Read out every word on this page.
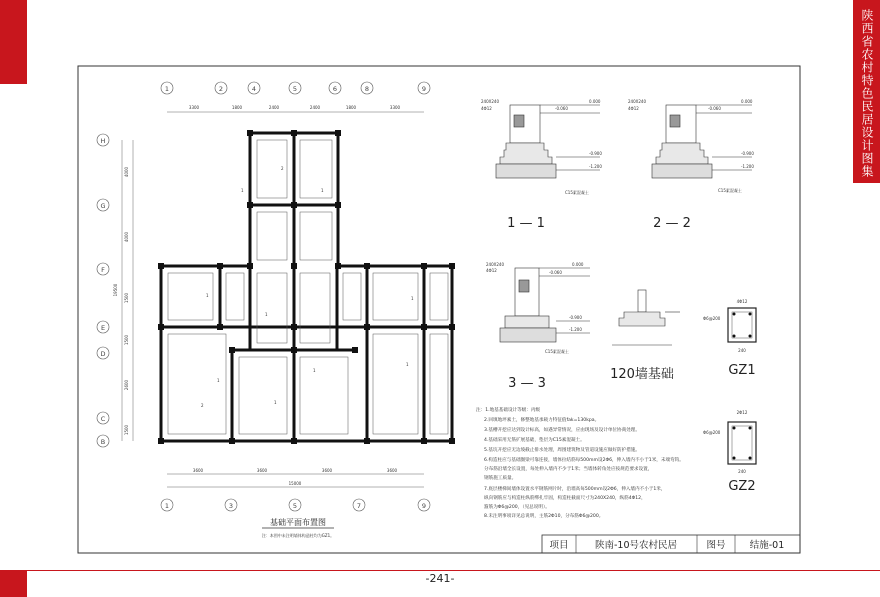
陕西省农村特色民居设计图集
-241-
1	2	4	5	6	8	9
3300	1800	2400	2400	1800	3300
H
G
F
E
D
C
B
4000
4000
1500
1500
2600
1500
19500
1
2
1
1
1
1
1
1
1
1
2
3600	3600	3600	3600
15000
1	3	5	7	9
基础平面布置图
注：本图中未注明墙体构造柱均为GZ1。
240X240
4Φ12
0.000
-0.060
-0.900
-1.200
C15素混凝土
1 — 1
240X240
4Φ12
0.000
-0.060
-0.900
-1.200
C15素混凝土
2 — 2
240X240
4Φ12
0.000
-0.060
-0.900
-1.200
C15素混凝土
3 — 3
120墙基础
4Φ12
Φ6@200
240
GZ1
2Φ12
Φ6@200
240
GZ2
注：1.地基基础设计等级：丙级
2.回填地坪素土，修整地基承载力特征值fak=130kpa。
3.基槽开挖应达到设计标高，如遇异常情况，应由现场及设计单位协商处理。
4.基础采用无筋扩展基础，垫层为C15素混凝土。
5.基坑开挖应无边坡截止排水处理，周围建筑物及管道设施应做好防护措施。
6.构造柱应与基础圈梁可靠连接，墙体拉结筋每500mm设2Φ6，伸入墙内不小于1米，末端弯钩。
分布筋沿墙全长设置，每处伸入墙内不少于1米；当墙体转角处应按规范要求设置，
钢筋施工质量。
7.底层楼梯间墙体设置水平钢筋网片时，沿墙高每500mm设2Φ6，伸入墙内不小于1米，
纵向钢筋应与构造柱纵筋绑扎牢固，构造柱截面尺寸为240X240，纵筋4Φ12，
箍筋为Φ6@200，（见总说明）。
8.未注明事项详见总说明，主筋2Φ10，分布筋Φ6@200。
项目	陕南-10号农村民居	图号	结施-01
